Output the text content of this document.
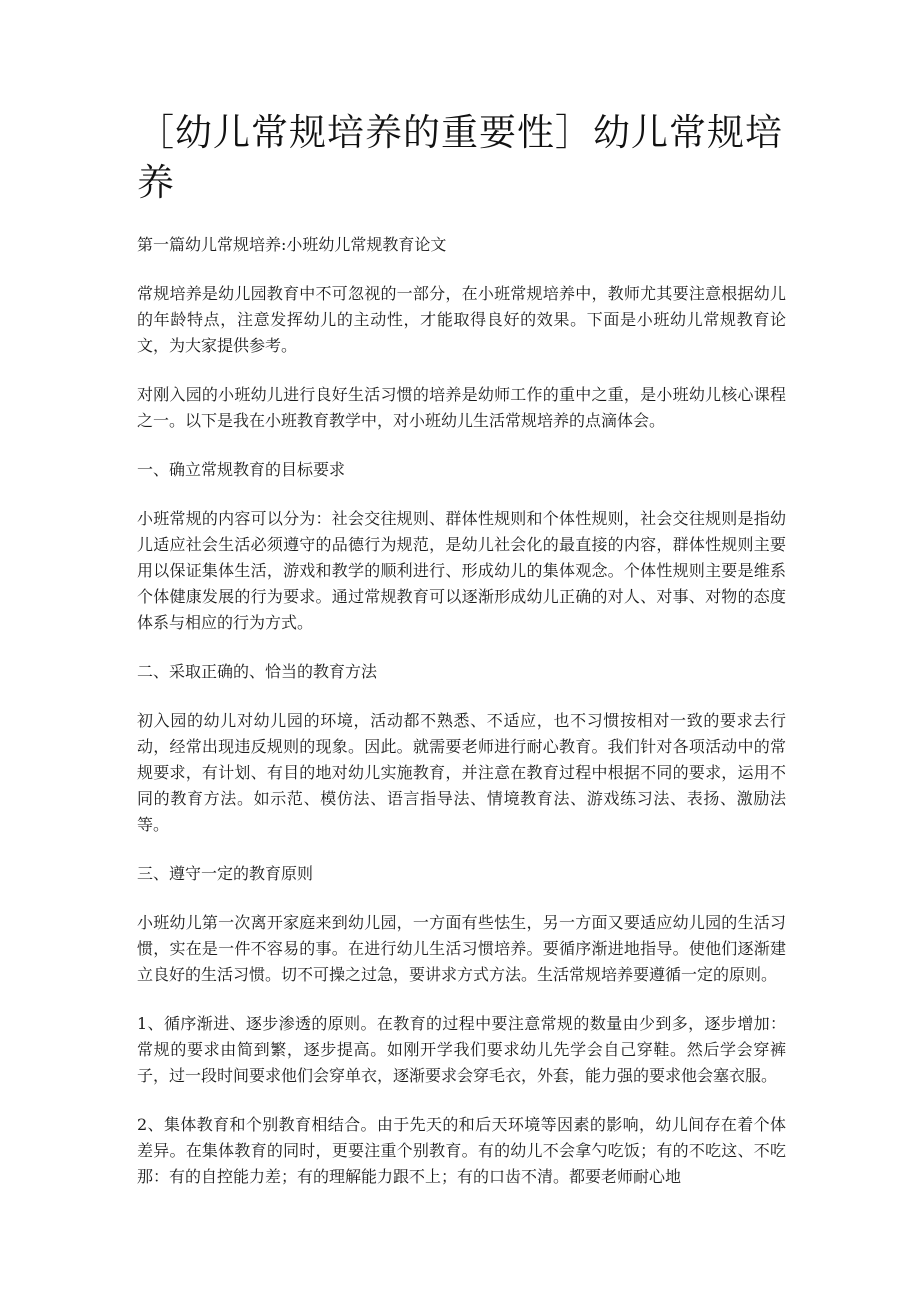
［幼儿常规培养的重要性］幼儿常规培养

第一篇幼儿常规培养:小班幼儿常规教育论文

常规培养是幼儿园教育中不可忽视的一部分，在小班常规培养中，教师尤其要注意根据幼儿的年龄特点，注意发挥幼儿的主动性，才能取得良好的效果。下面是小班幼儿常规教育论文，为大家提供参考。

对刚入园的小班幼儿进行良好生活习惯的培养是幼师工作的重中之重，是小班幼儿核心课程之一。以下是我在小班教育教学中，对小班幼儿生活常规培养的点滴体会。

一、确立常规教育的目标要求

小班常规的内容可以分为：社会交往规则、群体性规则和个体性规则，社会交往规则是指幼儿适应社会生活必须遵守的品德行为规范，是幼儿社会化的最直接的内容，群体性规则主要用以保证集体生活，游戏和教学的顺利进行、形成幼儿的集体观念。个体性规则主要是维系个体健康发展的行为要求。通过常规教育可以逐渐形成幼儿正确的对人、对事、对物的态度体系与相应的行为方式。

二、采取正确的、恰当的教育方法

初入园的幼儿对幼儿园的环境，活动都不熟悉、不适应，也不习惯按相对一致的要求去行动，经常出现违反规则的现象。因此。就需要老师进行耐心教育。我们针对各项活动中的常规要求，有计划、有目的地对幼儿实施教育，并注意在教育过程中根据不同的要求，运用不同的教育方法。如示范、模仿法、语言指导法、情境教育法、游戏练习法、表扬、激励法等。

三、遵守一定的教育原则

小班幼儿第一次离开家庭来到幼儿园，一方面有些怯生，另一方面又要适应幼儿园的生活习惯，实在是一件不容易的事。在进行幼儿生活习惯培养。要循序渐进地指导。使他们逐渐建立良好的生活习惯。切不可操之过急，要讲求方式方法。生活常规培养要遵循一定的原则。

1、循序渐进、逐步渗透的原则。在教育的过程中要注意常规的数量由少到多，逐步增加：常规的要求由简到繁，逐步提高。如刚开学我们要求幼儿先学会自己穿鞋。然后学会穿裤子，过一段时间要求他们会穿单衣，逐渐要求会穿毛衣，外套，能力强的要求他会塞衣服。

2、集体教育和个别教育相结合。由于先天的和后天环境等因素的影响，幼儿间存在着个体差异。在集体教育的同时，更要注重个别教育。有的幼儿不会拿勺吃饭；有的不吃这、不吃那：有的自控能力差；有的理解能力跟不上；有的口齿不清。都要老师耐心地
